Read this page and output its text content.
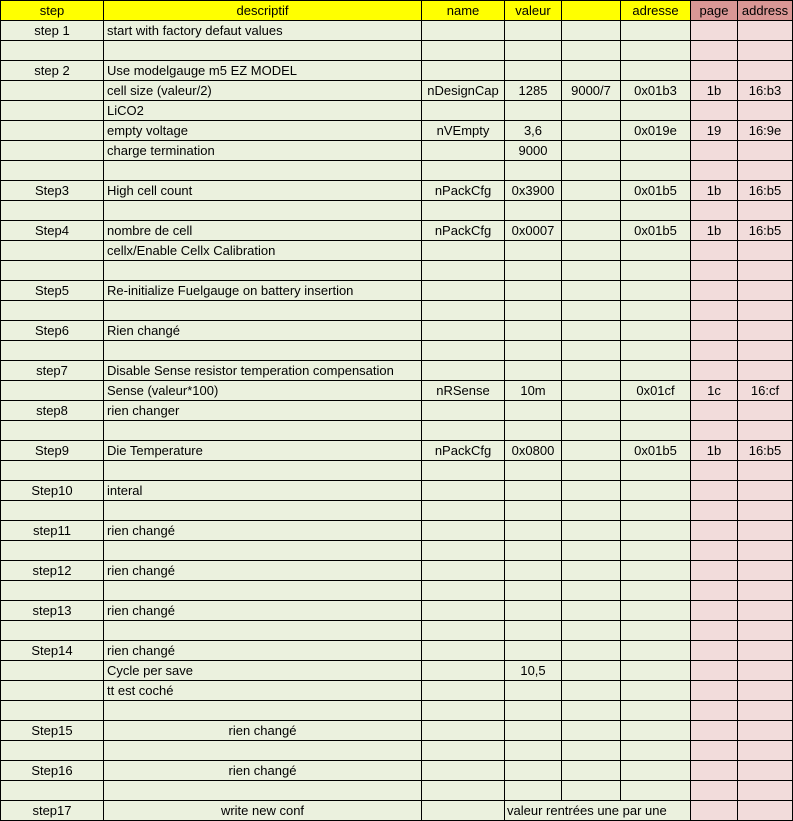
step	descriptif	name	valeur		adresse	page	address
step 1	start with factory defaut values						

step 2	Use modelgauge m5 EZ MODEL						
	cell size (valeur/2)	nDesignCap	1285	9000/7	0x01b3	1b	16:b3
	LiCO2						
	empty voltage	nVEmpty	3,6		0x019e	19	16:9e
	charge termination		9000				

Step3	High cell count	nPackCfg	0x3900		0x01b5	1b	16:b5

Step4	nombre de cell	nPackCfg	0x0007		0x01b5	1b	16:b5
	cellx/Enable Cellx Calibration						

Step5	Re-initialize Fuelgauge on battery insertion						

Step6	Rien changé						

step7	Disable Sense resistor temperation compensation						
	Sense (valeur*100)	nRSense	10m		0x01cf	1c	16:cf
step8	rien changer						

Step9	Die Temperature	nPackCfg	0x0800		0x01b5	1b	16:b5

Step10	interal						

step11	rien changé						

step12	rien changé						

step13	rien changé						

Step14	rien changé						
	Cycle per save		10,5				
	tt est coché						

Step15	rien changé						

Step16	rien changé						

step17	write new conf		valeur rentrées une par une				
